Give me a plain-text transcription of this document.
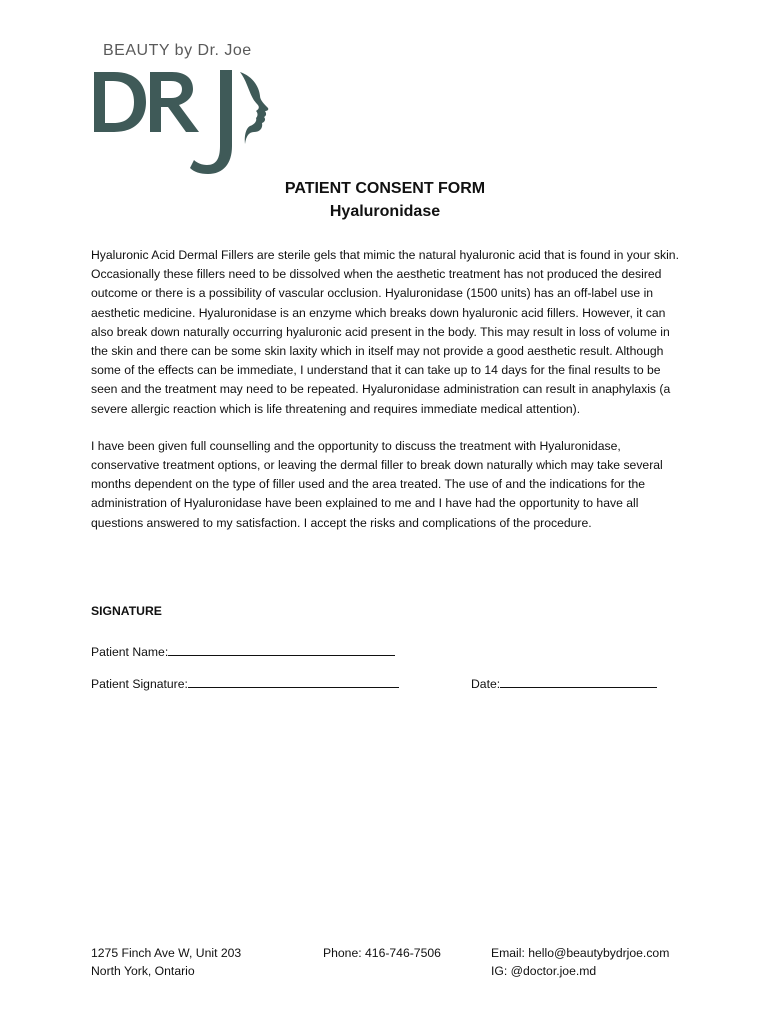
BEAUTY by Dr. Joe
PATIENT CONSENT FORM
Hyaluronidase

Hyaluronic Acid Dermal Fillers are sterile gels that mimic the natural hyaluronic acid that is found in your skin. Occasionally these fillers need to be dissolved when the aesthetic treatment has not produced the desired outcome or there is a possibility of vascular occlusion. Hyaluronidase (1500 units) has an off-label use in aesthetic medicine. Hyaluronidase is an enzyme which breaks down hyaluronic acid fillers. However, it can also break down naturally occurring hyaluronic acid present in the body. This may result in loss of volume in the skin and there can be some skin laxity which in itself may not provide a good aesthetic result. Although some of the effects can be immediate, I understand that it can take up to 14 days for the final results to be seen and the treatment may need to be repeated. Hyaluronidase administration can result in anaphylaxis (a severe allergic reaction which is life threatening and requires immediate medical attention).

I have been given full counselling and the opportunity to discuss the treatment with Hyaluronidase, conservative treatment options, or leaving the dermal filler to break down naturally which may take several months dependent on the type of filler used and the area treated. The use of and the indications for the administration of Hyaluronidase have been explained to me and I have had the opportunity to have all questions answered to my satisfaction. I accept the risks and complications of the procedure.

SIGNATURE
Patient Name:
Patient Signature:	Date:
1275 Finch Ave W, Unit 203
North York, Ontario
Phone: 416-746-7506	Email: hello@beautybydrjoe.com
IG: @doctor.joe.md
